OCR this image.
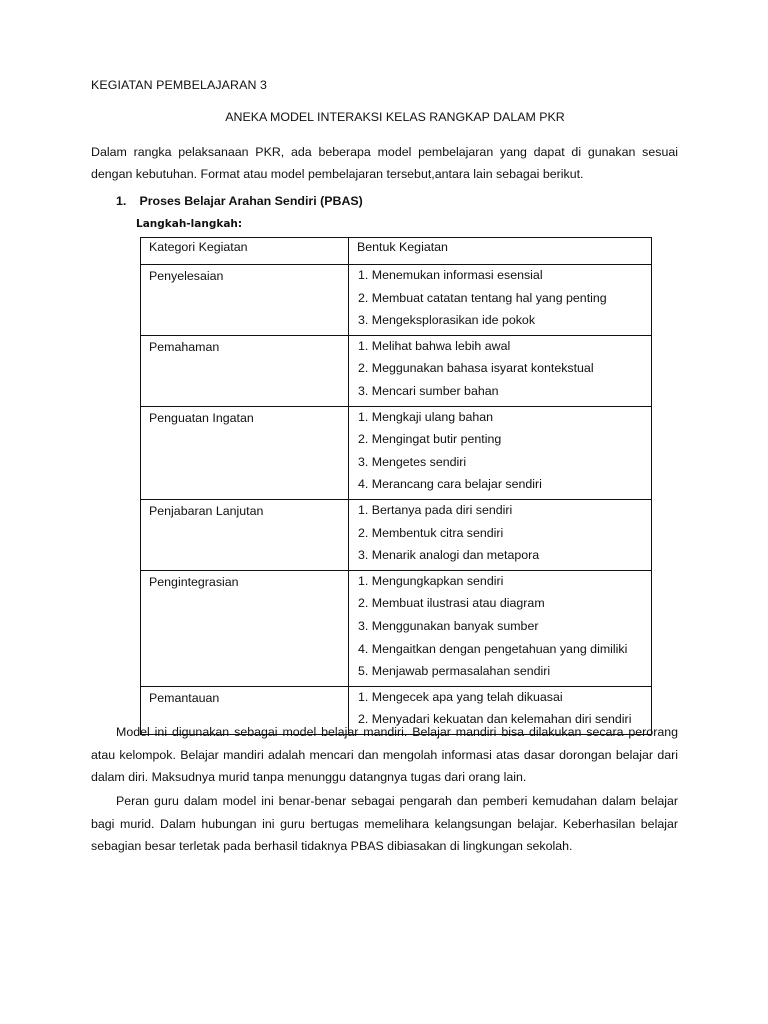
KEGIATAN PEMBELAJARAN 3
ANEKA MODEL INTERAKSI KELAS RANGKAP DALAM PKR
Dalam rangka pelaksanaan PKR, ada beberapa model pembelajaran yang dapat di gunakan sesuai dengan kebutuhan. Format atau model pembelajaran tersebut,antara lain sebagai berikut.
1. Proses Belajar Arahan Sendiri (PBAS)
Langkah-langkah:
Kategori Kegiatan	Bentuk Kegiatan
Penyelesaian	1. Menemukan informasi esensial
2. Membuat catatan tentang hal yang penting
3. Mengeksplorasikan ide pokok

Pemahaman	1. Melihat bahwa lebih awal
2. Meggunakan bahasa isyarat kontekstual
3. Mencari sumber bahan

Penguatan Ingatan	1. Mengkaji ulang bahan
2. Mengingat butir penting
3. Mengetes sendiri
4. Merancang cara belajar sendiri

Penjabaran Lanjutan	1. Bertanya pada diri sendiri
2. Membentuk citra sendiri
3. Menarik analogi dan metapora

Pengintegrasian	1. Mengungkapkan sendiri
2. Membuat ilustrasi atau diagram
3. Menggunakan banyak sumber
4. Mengaitkan dengan pengetahuan yang dimiliki
5. Menjawab permasalahan sendiri

Pemantauan	1. Mengecek apa yang telah dikuasai
2. Menyadari kekuatan dan kelemahan diri sendiri
Model ini digunakan sebagai model belajar mandiri. Belajar mandiri bisa dilakukan secara perorang atau kelompok. Belajar mandiri adalah mencari dan mengolah informasi atas dasar dorongan belajar dari dalam diri. Maksudnya murid tanpa menunggu datangnya tugas dari orang lain.
Peran guru dalam model ini benar-benar sebagai pengarah dan pemberi kemudahan dalam belajar bagi murid. Dalam hubungan ini guru bertugas memelihara kelangsungan belajar. Keberhasilan belajar sebagian besar terletak pada berhasil tidaknya PBAS dibiasakan di lingkungan sekolah.
